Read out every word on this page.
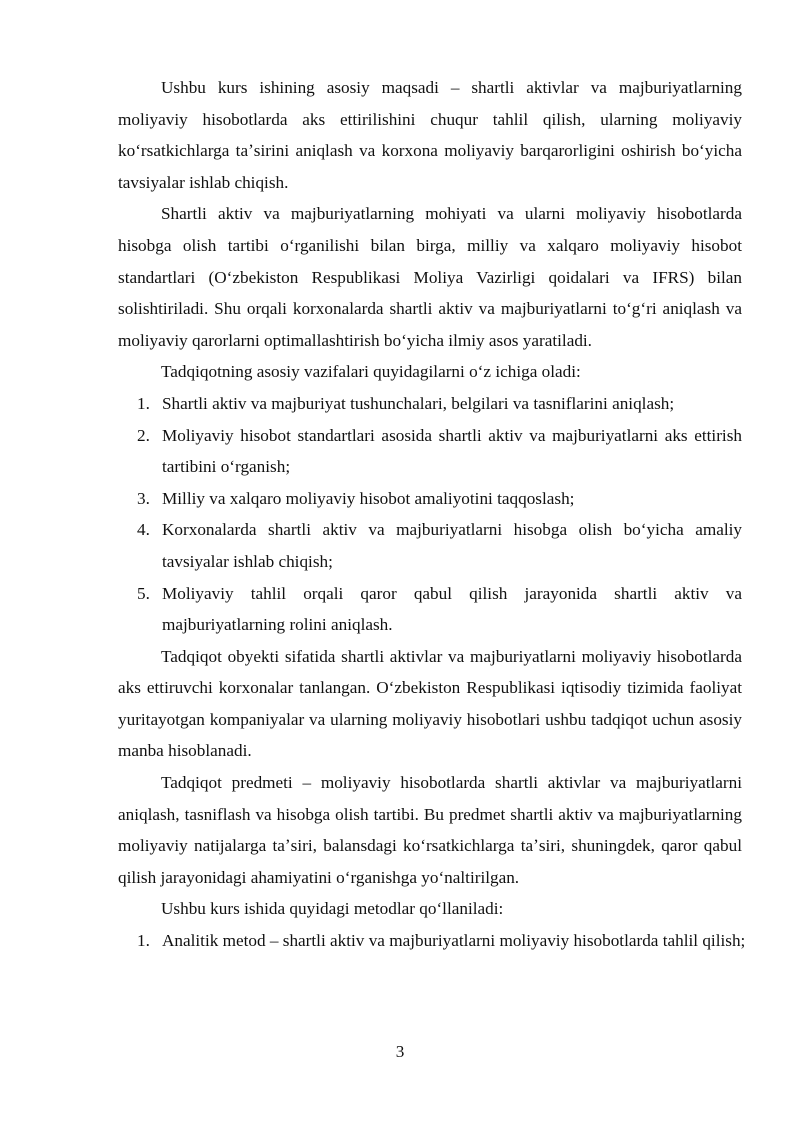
Ushbu kurs ishining asosiy maqsadi – shartli aktivlar va majburiyatlarning moliyaviy hisobotlarda aks ettirilishini chuqur tahlil qilish, ularning moliyaviy koʻrsatkichlarga taʼsirini aniqlash va korxona moliyaviy barqarorligini oshirish boʻyicha tavsiyalar ishlab chiqish.

Shartli aktiv va majburiyatlarning mohiyati va ularni moliyaviy hisobotlarda hisobga olish tartibi oʻrganilishi bilan birga, milliy va xalqaro moliyaviy hisobot standartlari (Oʻzbekiston Respublikasi Moliya Vazirligi qoidalari va IFRS) bilan solishtiriladi. Shu orqali korxonalarda shartli aktiv va majburiyatlarni toʻgʻri aniqlash va moliyaviy qarorlarni optimallashtirish boʻyicha ilmiy asos yaratiladi.

Tadqiqotning asosiy vazifalari quyidagilarni oʻz ichiga oladi:

1. Shartli aktiv va majburiyat tushunchalari, belgilari va tasniflarini aniqlash;
2. Moliyaviy hisobot standartlari asosida shartli aktiv va majburiyatlarni aks ettirish tartibini oʻrganish;
3. Milliy va xalqaro moliyaviy hisobot amaliyotini taqqoslash;
4. Korxonalarda shartli aktiv va majburiyatlarni hisobga olish boʻyicha amaliy tavsiyalar ishlab chiqish;
5. Moliyaviy tahlil orqali qaror qabul qilish jarayonida shartli aktiv va majburiyatlarning rolini aniqlash.

Tadqiqot obyekti sifatida shartli aktivlar va majburiyatlarni moliyaviy hisobotlarda aks ettiruvchi korxonalar tanlangan. Oʻzbekiston Respublikasi iqtisodiy tizimida faoliyat yuritayotgan kompaniyalar va ularning moliyaviy hisobotlari ushbu tadqiqot uchun asosiy manba hisoblanadi.

Tadqiqot predmeti – moliyaviy hisobotlarda shartli aktivlar va majburiyatlarni aniqlash, tasniflash va hisobga olish tartibi. Bu predmet shartli aktiv va majburiyatlarning moliyaviy natijalarga taʼsiri, balansdagi koʻrsatkichlarga taʼsiri, shuningdek, qaror qabul qilish jarayonidagi ahamiyatini oʻrganishga yoʻnaltirilgan.

Ushbu kurs ishida quyidagi metodlar qoʻllaniladi:

1. Analitik metod – shartli aktiv va majburiyatlarni moliyaviy hisobotlarda tahlil qilish;
3
